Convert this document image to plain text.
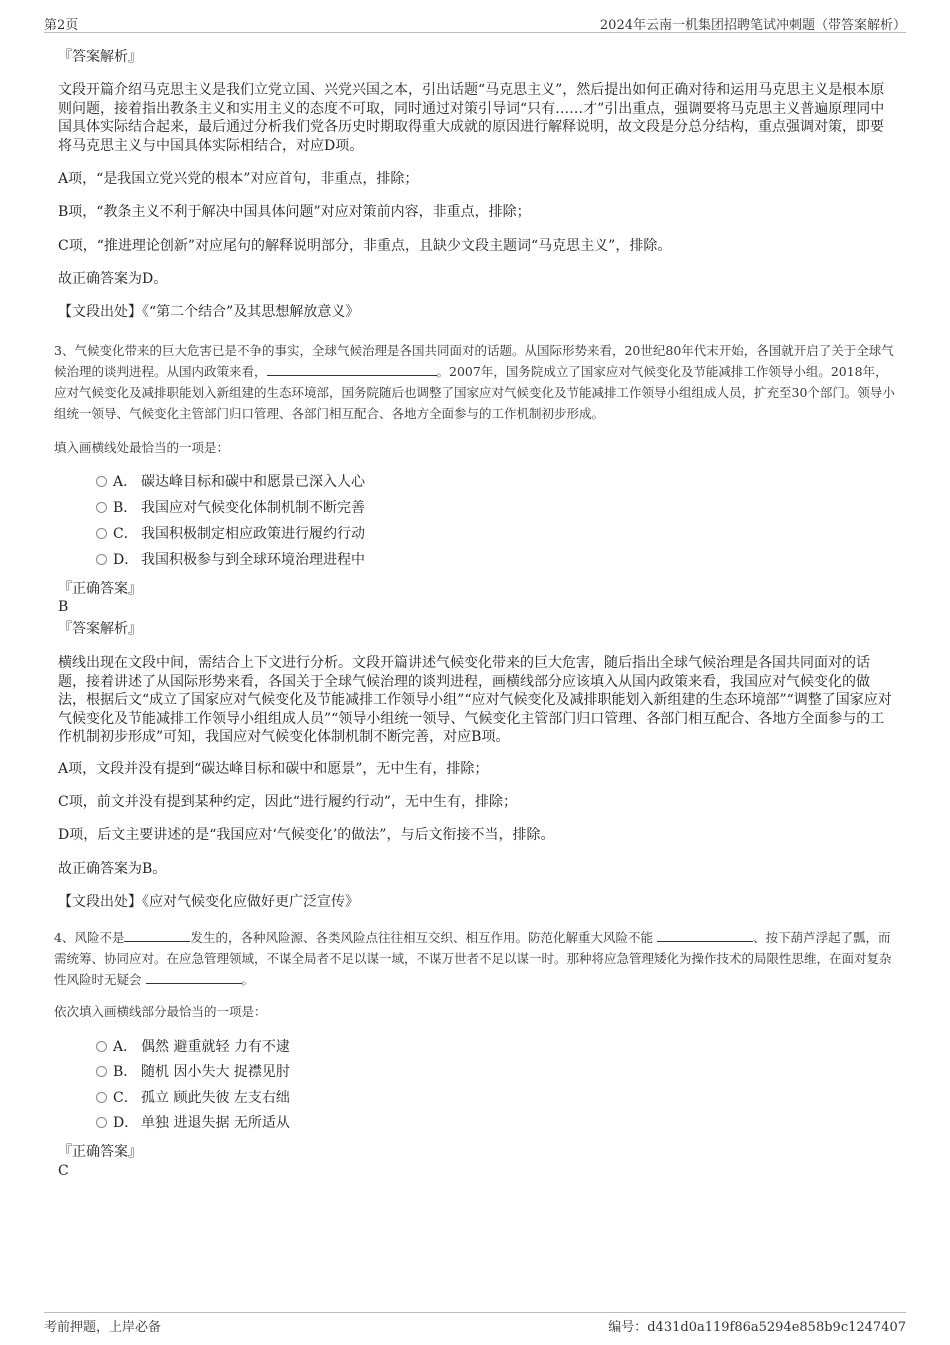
第2页	2024年云南一机集团招聘笔试冲刺题（带答案解析）

『答案解析』

文段开篇介绍马克思主义是我们立党立国、兴党兴国之本，引出话题“马克思主义”，然后提出如何正确对待和运用马克思主义是根本原则问题，接着指出教条主义和实用主义的态度不可取，同时通过对策引导词“只有……才”引出重点，强调要将马克思主义普遍原理同中国具体实际结合起来，最后通过分析我们党各历史时期取得重大成就的原因进行解释说明，故文段是分总分结构，重点强调对策，即要将马克思主义与中国具体实际相结合，对应D项。

A项，“是我国立党兴党的根本”对应首句，非重点，排除；

B项，“教条主义不利于解决中国具体问题”对应对策前内容，非重点，排除；

C项，“推进理论创新”对应尾句的解释说明部分，非重点，且缺少文段主题词“马克思主义”，排除。

故正确答案为D。

【文段出处】《“第二个结合”及其思想解放意义》

3、气候变化带来的巨大危害已是不争的事实，全球气候治理是各国共同面对的话题。从国际形势来看，20世纪80年代末开始，各国就开启了关于全球气候治理的谈判进程。从国内政策来看，	。2007年，国务院成立了国家应对气候变化及节能减排工作领导小组。2018年，应对气候变化及减排职能划入新组建的生态环境部，国务院随后也调整了国家应对气候变化及节能减排工作领导小组组成人员，扩充至30个部门。领导小组统一领导、气候变化主管部门归口管理、各部门相互配合、各地方全面参与的工作机制初步形成。

填入画横线处最恰当的一项是：

A． 碳达峰目标和碳中和愿景已深入人心
B． 我国应对气候变化体制机制不断完善
C． 我国积极制定相应政策进行履约行动
D． 我国积极参与到全球环境治理进程中

『正确答案』

B

『答案解析』

横线出现在文段中间，需结合上下文进行分析。文段开篇讲述气候变化带来的巨大危害，随后指出全球气候治理是各国共同面对的话题，接着讲述了从国际形势来看，各国关于全球气候治理的谈判进程，画横线部分应该填入从国内政策来看，我国应对气候变化的做法，根据后文“成立了国家应对气候变化及节能减排工作领导小组”“应对气候变化及减排职能划入新组建的生态环境部”“调整了国家应对气候变化及节能减排工作领导小组组成人员”“领导小组统一领导、气候变化主管部门归口管理、各部门相互配合、各地方全面参与的工作机制初步形成”可知，我国应对气候变化体制机制不断完善，对应B项。

A项，文段并没有提到“碳达峰目标和碳中和愿景”，无中生有，排除；

C项，前文并没有提到某种约定，因此“进行履约行动”，无中生有，排除；

D项，后文主要讲述的是“我国应对‘气候变化’的做法”，与后文衔接不当，排除。

故正确答案为B。

【文段出处】《应对气候变化应做好更广泛宣传》

4、风险不是	发生的，各种风险源、各类风险点往往相互交织、相互作用。防范化解重大风险不能	、按下葫芦浮起了瓢，而需统筹、协同应对。在应急管理领域，不谋全局者不足以谋一域，不谋万世者不足以谋一时。那种将应急管理矮化为操作技术的局限性思维，在面对复杂性风险时无疑会	。

依次填入画横线部分最恰当的一项是：

A． 偶然 避重就轻 力有不逮
B． 随机 因小失大 捉襟见肘
C． 孤立 顾此失彼 左支右绌
D． 单独 进退失据 无所适从

『正确答案』

C

考前押题，上岸必备	编号：d431d0a119f86a5294e858b9c1247407
